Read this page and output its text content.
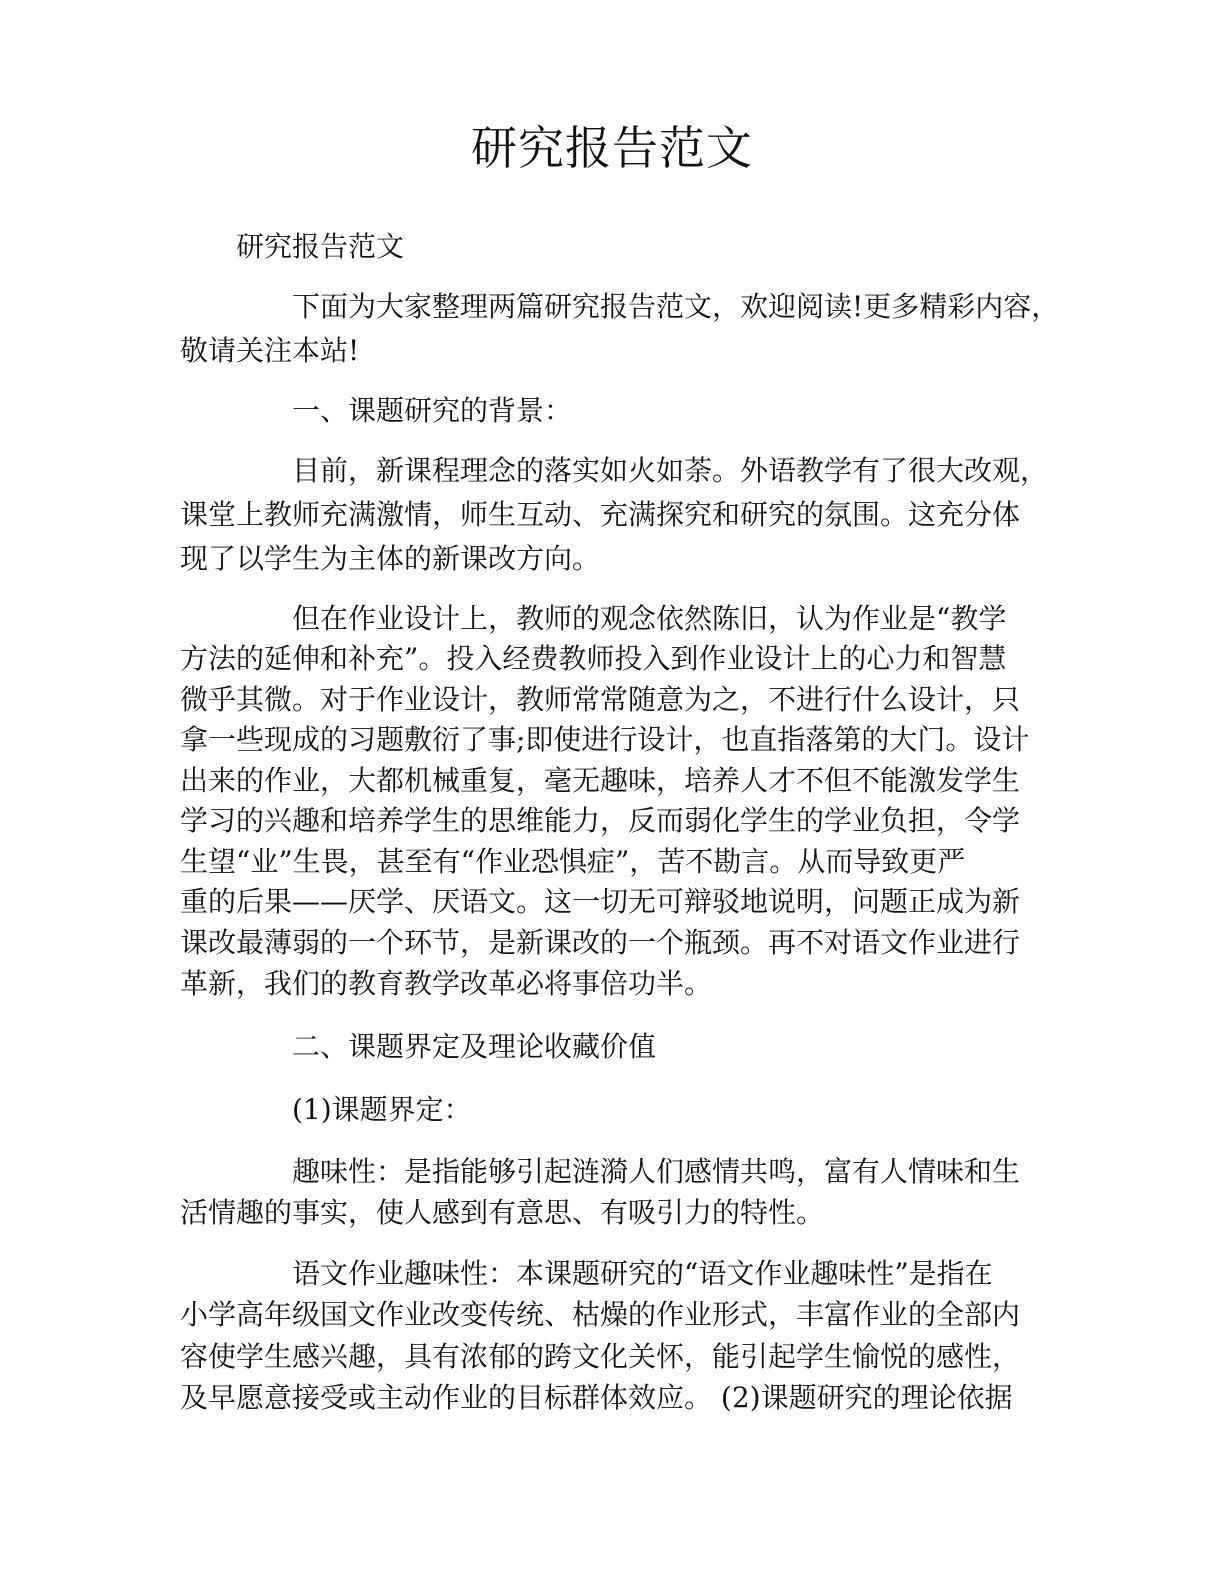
研究报告范文

研究报告范文

下面为大家整理两篇研究报告范文，欢迎阅读!更多精彩内容，

敬请关注本站!

一、课题研究的背景：

目前，新课程理念的落实如火如荼。外语教学有了很大改观，

课堂上教师充满激情，师生互动、充满探究和研究的氛围。这充分体

现了以学生为主体的新课改方向。

但在作业设计上，教师的观念依然陈旧，认为作业是“教学

方法的延伸和补充”。投入经费教师投入到作业设计上的心力和智慧

微乎其微。对于作业设计，教师常常随意为之，不进行什么设计，只

拿一些现成的习题敷衍了事;即使进行设计，也直指落第的大门。设计

出来的作业，大都机械重复，毫无趣味，培养人才不但不能激发学生

学习的兴趣和培养学生的思维能力，反而弱化学生的学业负担，令学

生望“业”生畏，甚至有“作业恐惧症”，苦不勘言。从而导致更严

重的后果——厌学、厌语文。这一切无可辩驳地说明，问题正成为新

课改最薄弱的一个环节，是新课改的一个瓶颈。再不对语文作业进行

革新，我们的教育教学改革必将事倍功半。

二、课题界定及理论收藏价值

(1)课题界定：

趣味性：是指能够引起涟漪人们感情共鸣，富有人情味和生

活情趣的事实，使人感到有意思、有吸引力的特性。

语文作业趣味性：本课题研究的“语文作业趣味性”是指在

小学高年级国文作业改变传统、枯燥的作业形式，丰富作业的全部内

容使学生感兴趣，具有浓郁的跨文化关怀，能引起学生愉悦的感性，

及早愿意接受或主动作业的目标群体效应。 (2)课题研究的理论依据
